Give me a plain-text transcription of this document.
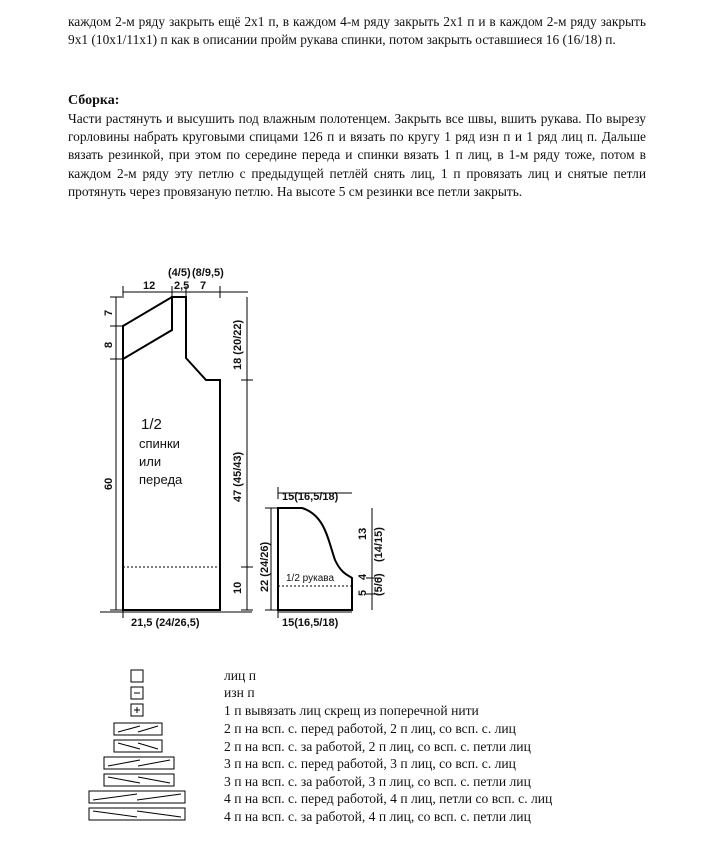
каждом 2-м ряду закрыть ещё 2х1 п, в каждом 4-м ряду закрыть 2х1 п и в каждом 2-м ряду закрыть 9х1 (10х1/11х1) п как в описании пройм рукава спинки, потом закрыть оставшиеся 16 (16/18) п.
Сборка:
Части растянуть и высушить под влажным полотенцем. Закрыть все швы, вшить рукава. По вырезу горловины набрать круговыми спицами 126 п и вязать по кругу 1 ряд изн п и 1 ряд лиц п. Дальше вязать резинкой, при этом по середине переда и спинки вязать 1 п лиц, в 1-м ряду тоже, потом в каждом 2-м ряду эту петлю с предыдущей петлёй снять лиц, 1 п провязать лиц и снятые петли протянуть через провязаную петлю. На высоте 5 см резинки все петли закрыть.
12
(4/5)
2,5
(8/9,5)
7
7
8
60
18 (20/22)
47 (45/43)
10
21,5 (24/26,5)
1/2
спинки
или
переда
15(16,5/18)
22 (24/26)
13 (14/15)
5
4 (5/6)
15(16,5/18)
1/2 рукава
лиц п
изн п
1 п вывязать лиц скрещ из поперечной нити
2 п на всп. с. перед работой, 2 п лиц, со всп. с. лиц
2 п на всп. с. за работой, 2 п лиц, со всп. с. петли лиц
3 п на всп. с. перед работой, 3 п лиц, со всп. с. лиц
3 п на всп. с. за работой, 3 п лиц, со всп. с. петли лиц
4 п на всп. с. перед работой, 4 п лиц, петли со всп. с. лиц
4 п на всп. с. за работой, 4 п лиц, со всп. с. петли лиц
